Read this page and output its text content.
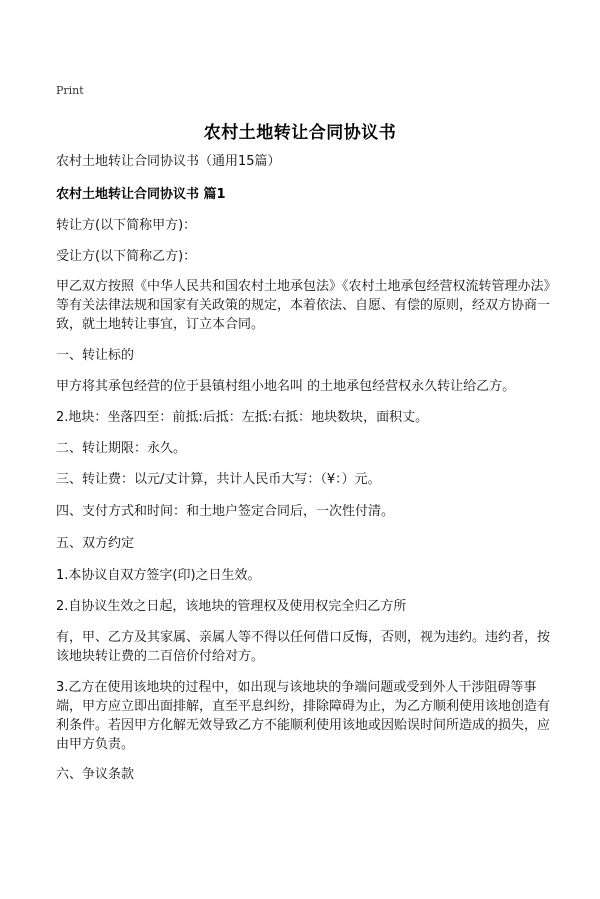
Print
农村土地转让合同协议书
农村土地转让合同协议书（通用15篇）
农村土地转让合同协议书 篇1
转让方(以下简称甲方)：
受让方(以下简称乙方)：
甲乙双方按照《中华人民共和国农村土地承包法》《农村土地承包经营权流转管理办法》等有关法律法规和国家有关政策的规定，本着依法、自愿、有偿的原则，经双方协商一致，就土地转让事宜，订立本合同。
一、转让标的
甲方将其承包经营的位于县镇村组小地名叫 的土地承包经营权永久转让给乙方。
2.地块：坐落四至：前抵:后抵：左抵:右抵：地块数块，面积丈。
二、转让期限：永久。
三、转让费：以元/丈计算，共计人民币大写：（¥：）元。
四、支付方式和时间：和土地户签定合同后，一次性付清。
五、双方约定
1.本协议自双方签字(印)之日生效。
2.自协议生效之日起，该地块的管理权及使用权完全归乙方所
有，甲、乙方及其家属、亲属人等不得以任何借口反悔，否则，视为违约。违约者，按该地块转让费的二百倍价付给对方。
3.乙方在使用该地块的过程中，如出现与该地块的争端问题或受到外人干涉阻碍等事端，甲方应立即出面排解，直至平息纠纷，排除障碍为止，为乙方顺利使用该地创造有利条件。若因甲方化解无效导致乙方不能顺利使用该地或因贻误时间所造成的损失，应由甲方负责。
六、争议条款
